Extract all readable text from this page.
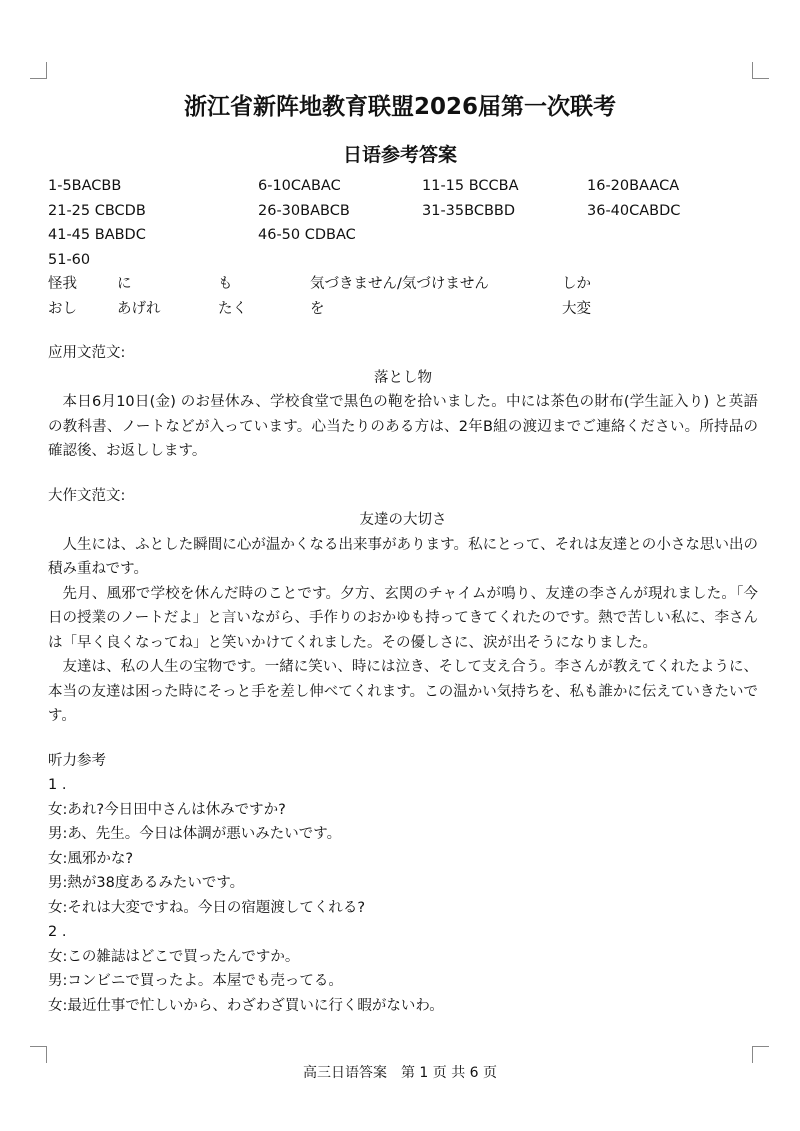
浙江省新阵地教育联盟2026届第一次联考
日语参考答案
1-5BACBB	6-10CABAC	11-15 BCCBA	16-20BAACA
21-25 CBCDB	26-30BABCB	31-35BCBBD	36-40CABDC
41-45 BABDC	46-50 CDBAC
51-60
怪我	に	も	気づきません/気づけません	しか
おし	あげれ	たく	を	大変
应用文范文:
落とし物

本日6月10日(金) のお昼休み、学校食堂で黒色の鞄を拾いました。中には茶色の財布(学生証入り) と英語の教科書、ノートなどが入っています。心当たりのある方は、2年B組の渡辺までご連絡ください。所持品の確認後、お返しします。

大作文范文:
友達の大切さ

人生には、ふとした瞬間に心が温かくなる出来事があります。私にとって、それは友達との小さな思い出の積み重ねです。

先月、風邪で学校を休んだ時のことです。夕方、玄関のチャイムが鳴り、友達の李さんが現れました。「今日の授業のノートだよ」と言いながら、手作りのおかゆも持ってきてくれたのです。熱で苦しい私に、李さんは「早く良くなってね」と笑いかけてくれました。その優しさに、涙が出そうになりました。

友達は、私の人生の宝物です。一緒に笑い、時には泣き、そして支え合う。李さんが教えてくれたように、本当の友達は困った時にそっと手を差し伸べてくれます。この温かい気持ちを、私も誰かに伝えていきたいです。

听力参考
1 .
女:あれ?今日田中さんは休みですか?
男:あ、先生。今日は体調が悪いみたいです。
女:風邪かな?
男:熱が38度あるみたいです。
女:それは大変ですね。今日の宿題渡してくれる?
2 .
女:この雑誌はどこで買ったんですか。
男:コンビニで買ったよ。本屋でも売ってる。
女:最近仕事で忙しいから、わざわざ買いに行く暇がないわ。
高三日语答案　第 1 页 共 6 页
